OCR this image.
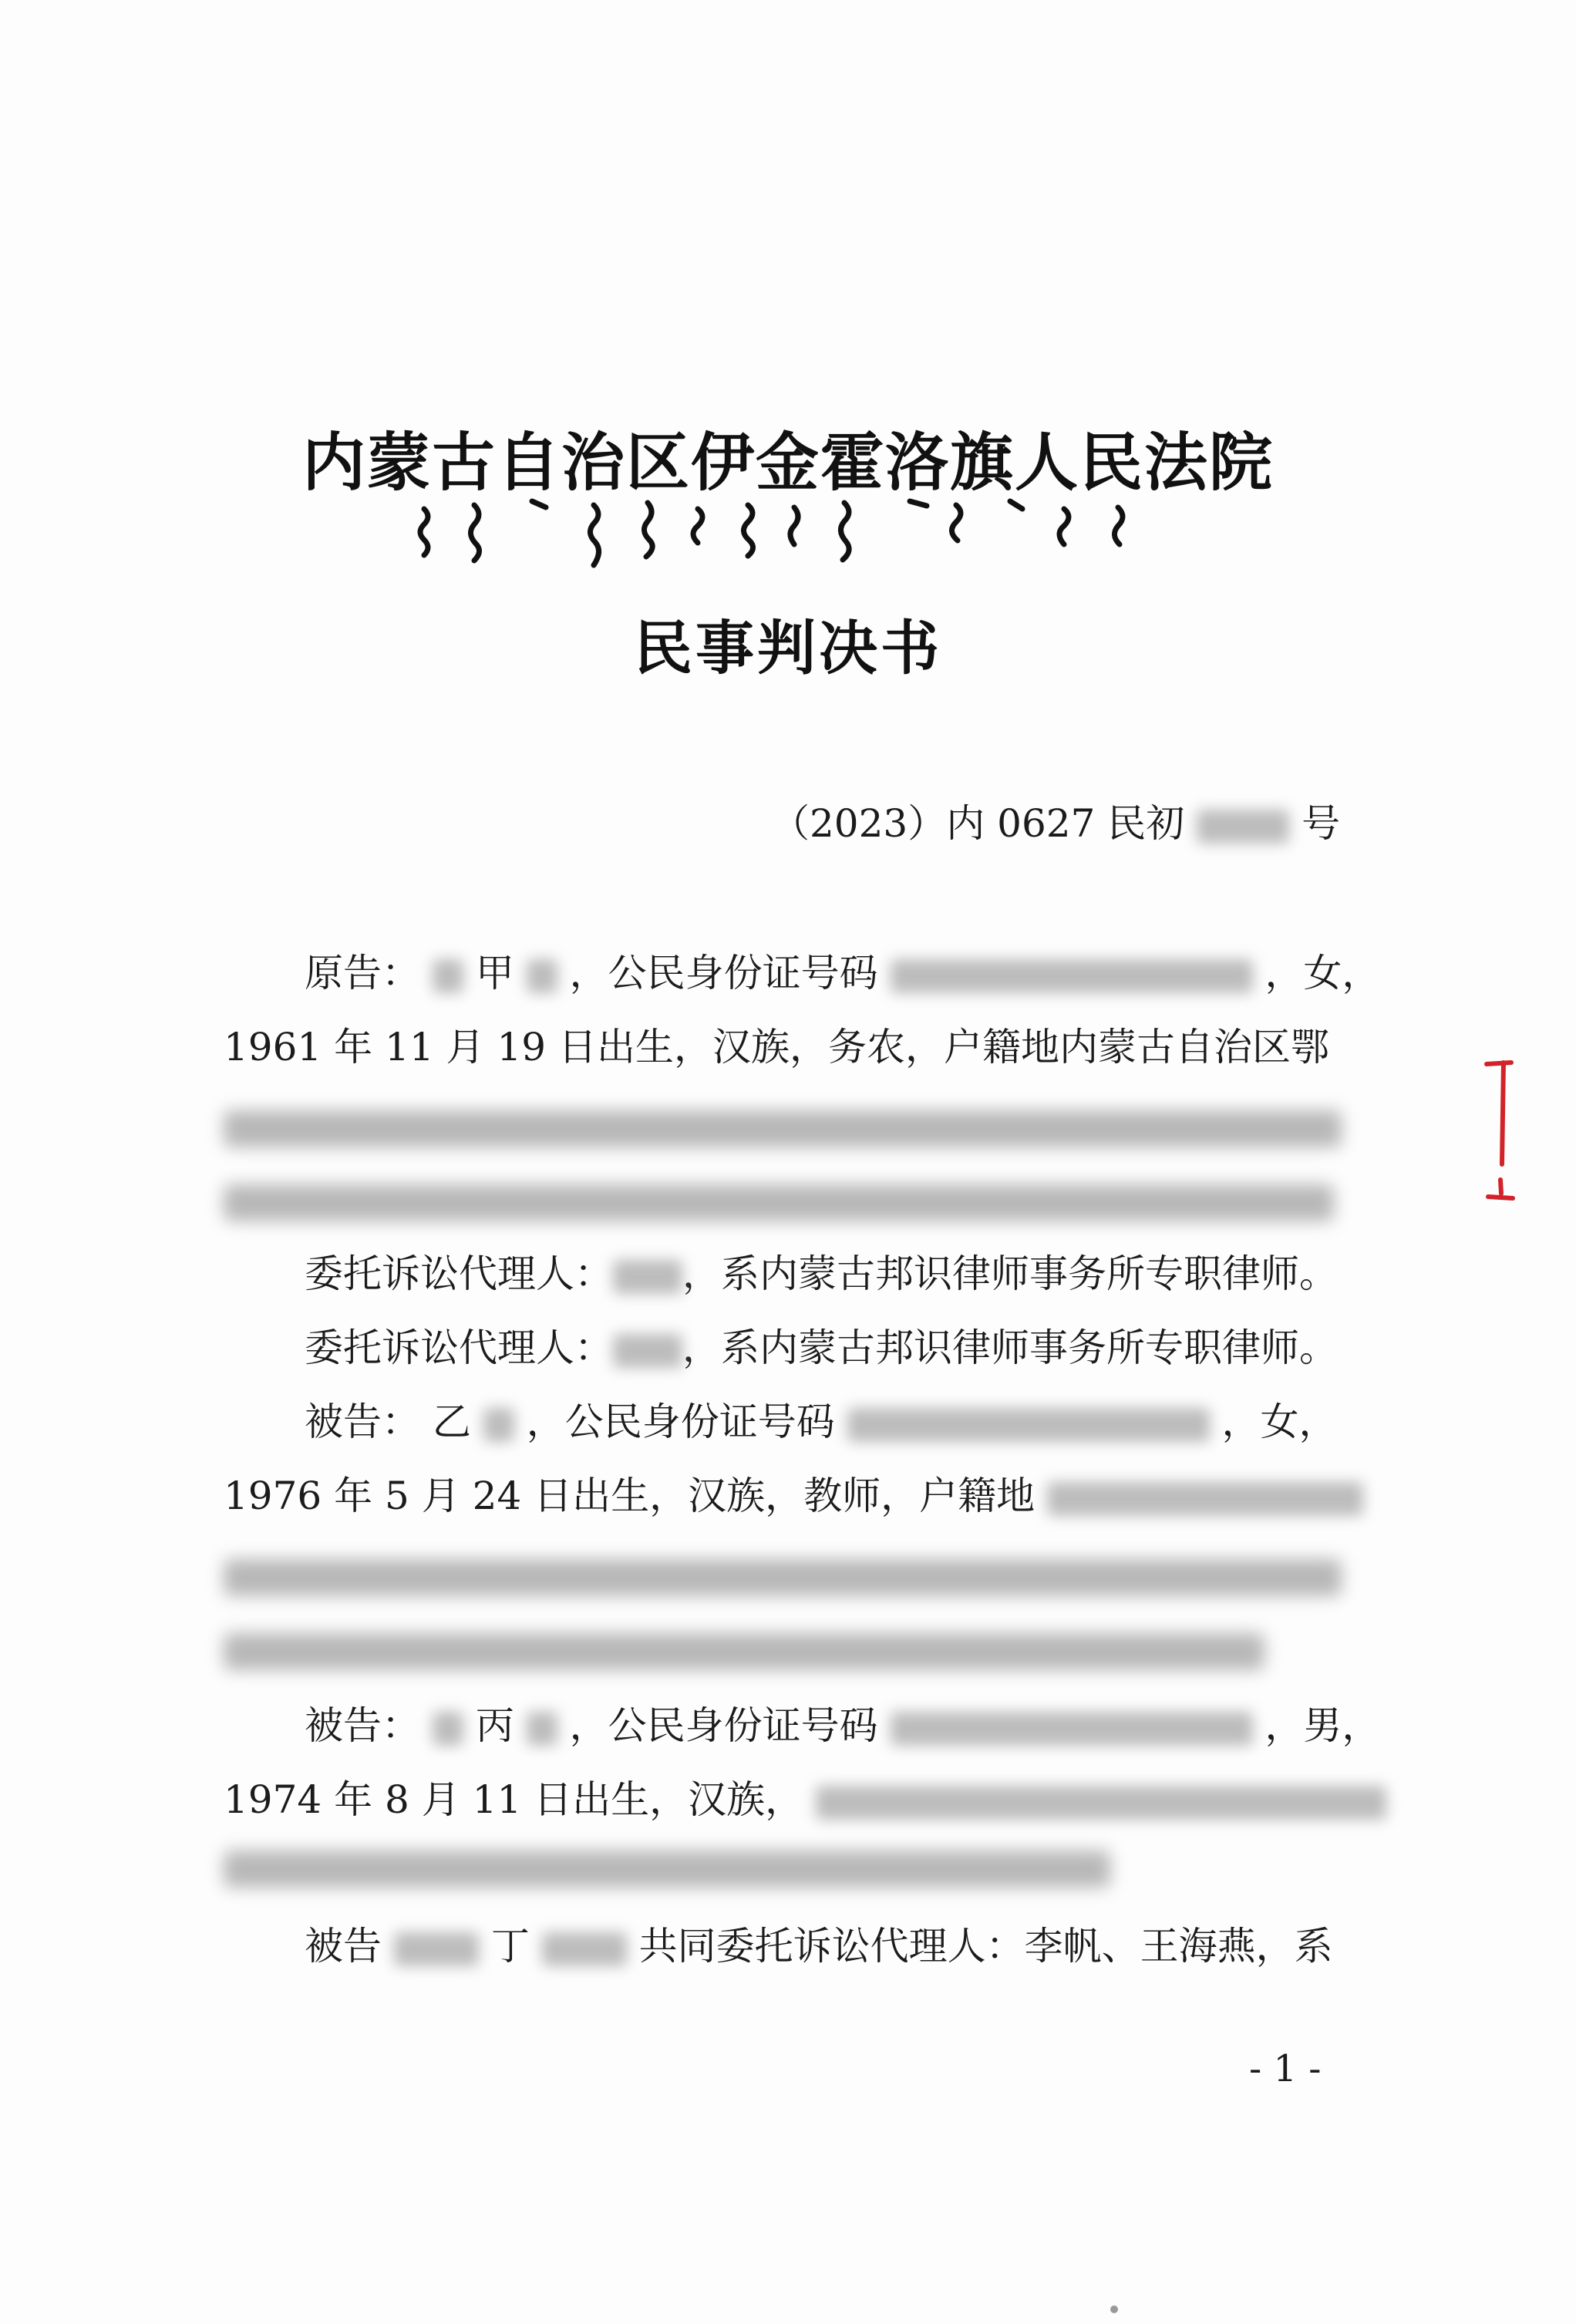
内蒙古自治区伊金霍洛旗人民法院
民事判决书
（2023）内 0627 民初	号
原告： 甲 ，公民身份证号码	，女，
1961 年 11 月 19 日出生，汉族，务农，户籍地内蒙古自治区鄂
委托诉讼代理人： ，系内蒙古邦识律师事务所专职律师。
委托诉讼代理人： ，系内蒙古邦识律师事务所专职律师。
被告： 乙 ，公民身份证号码	，女，
1976 年 5 月 24 日出生，汉族，教师，户籍地
被告： 丙 ，公民身份证号码	，男，
1974 年 8 月 11 日出生，汉族，
被告	丁	共同委托诉讼代理人：李帆、王海燕，系
- 1 -
